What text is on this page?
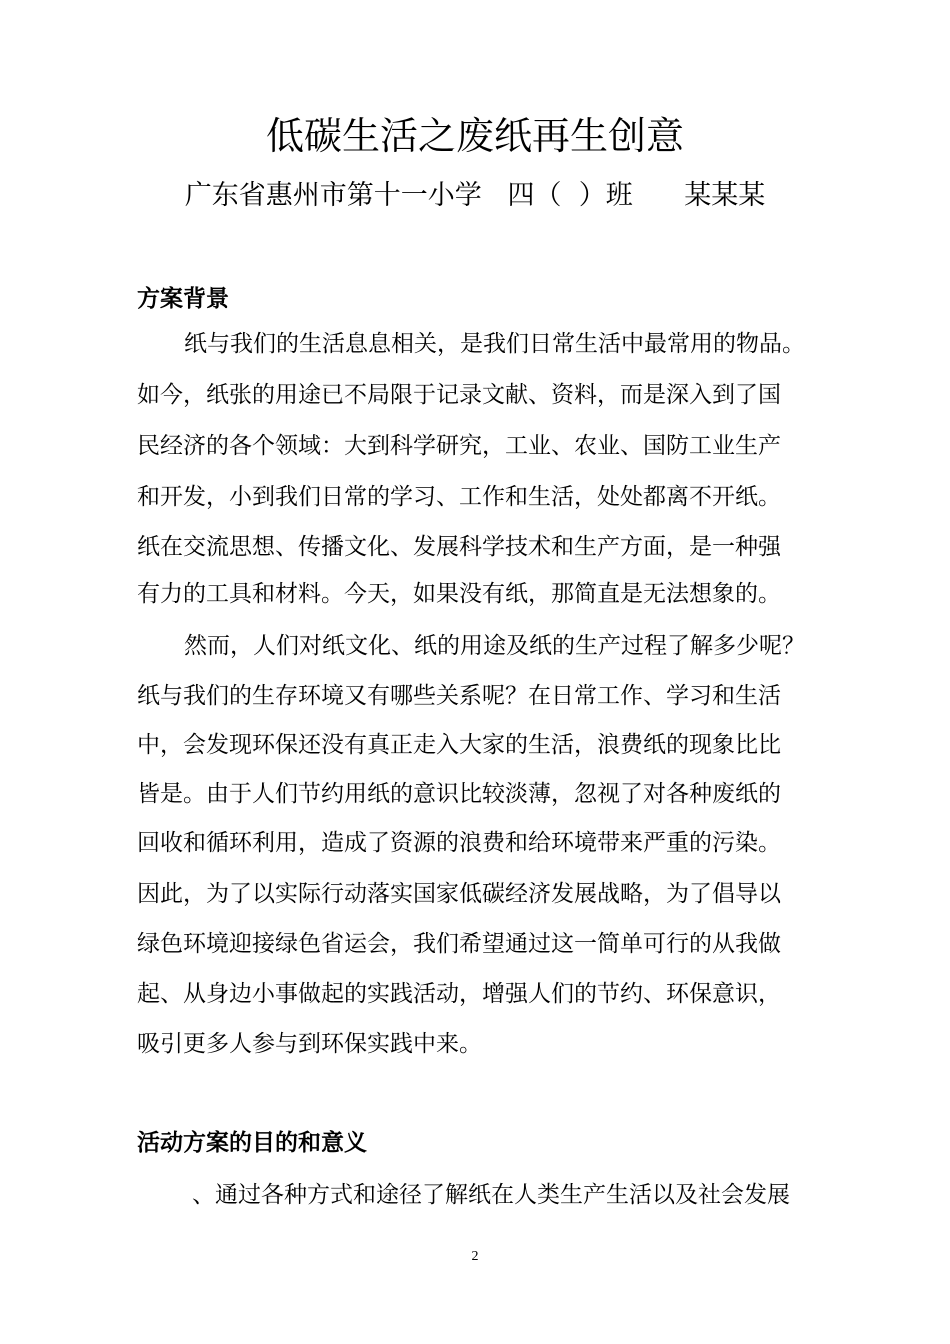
低碳生活之废纸再生创意
广东省惠州市第十一小学   四（  ）班      某某某
方案背景
纸与我们的生活息息相关，是我们日常生活中最常用的物品。
如今，纸张的用途已不局限于记录文献、资料，而是深入到了国
民经济的各个领域：大到科学研究，工业、农业、国防工业生产
和开发，小到我们日常的学习、工作和生活，处处都离不开纸。
纸在交流思想、传播文化、发展科学技术和生产方面，是一种强
有力的工具和材料。今天，如果没有纸，那简直是无法想象的。
然而，人们对纸文化、纸的用途及纸的生产过程了解多少呢？
纸与我们的生存环境又有哪些关系呢？在日常工作、学习和生活
中，会发现环保还没有真正走入大家的生活，浪费纸的现象比比
皆是。由于人们节约用纸的意识比较淡薄，忽视了对各种废纸的
回收和循环利用，造成了资源的浪费和给环境带来严重的污染。
因此，为了以实际行动落实国家低碳经济发展战略，为了倡导以
绿色环境迎接绿色省运会，我们希望通过这一简单可行的从我做
起、从身边小事做起的实践活动，增强人们的节约、环保意识，
吸引更多人参与到环保实践中来。
活动方案的目的和意义
、通过各种方式和途径了解纸在人类生产生活以及社会发展
2
